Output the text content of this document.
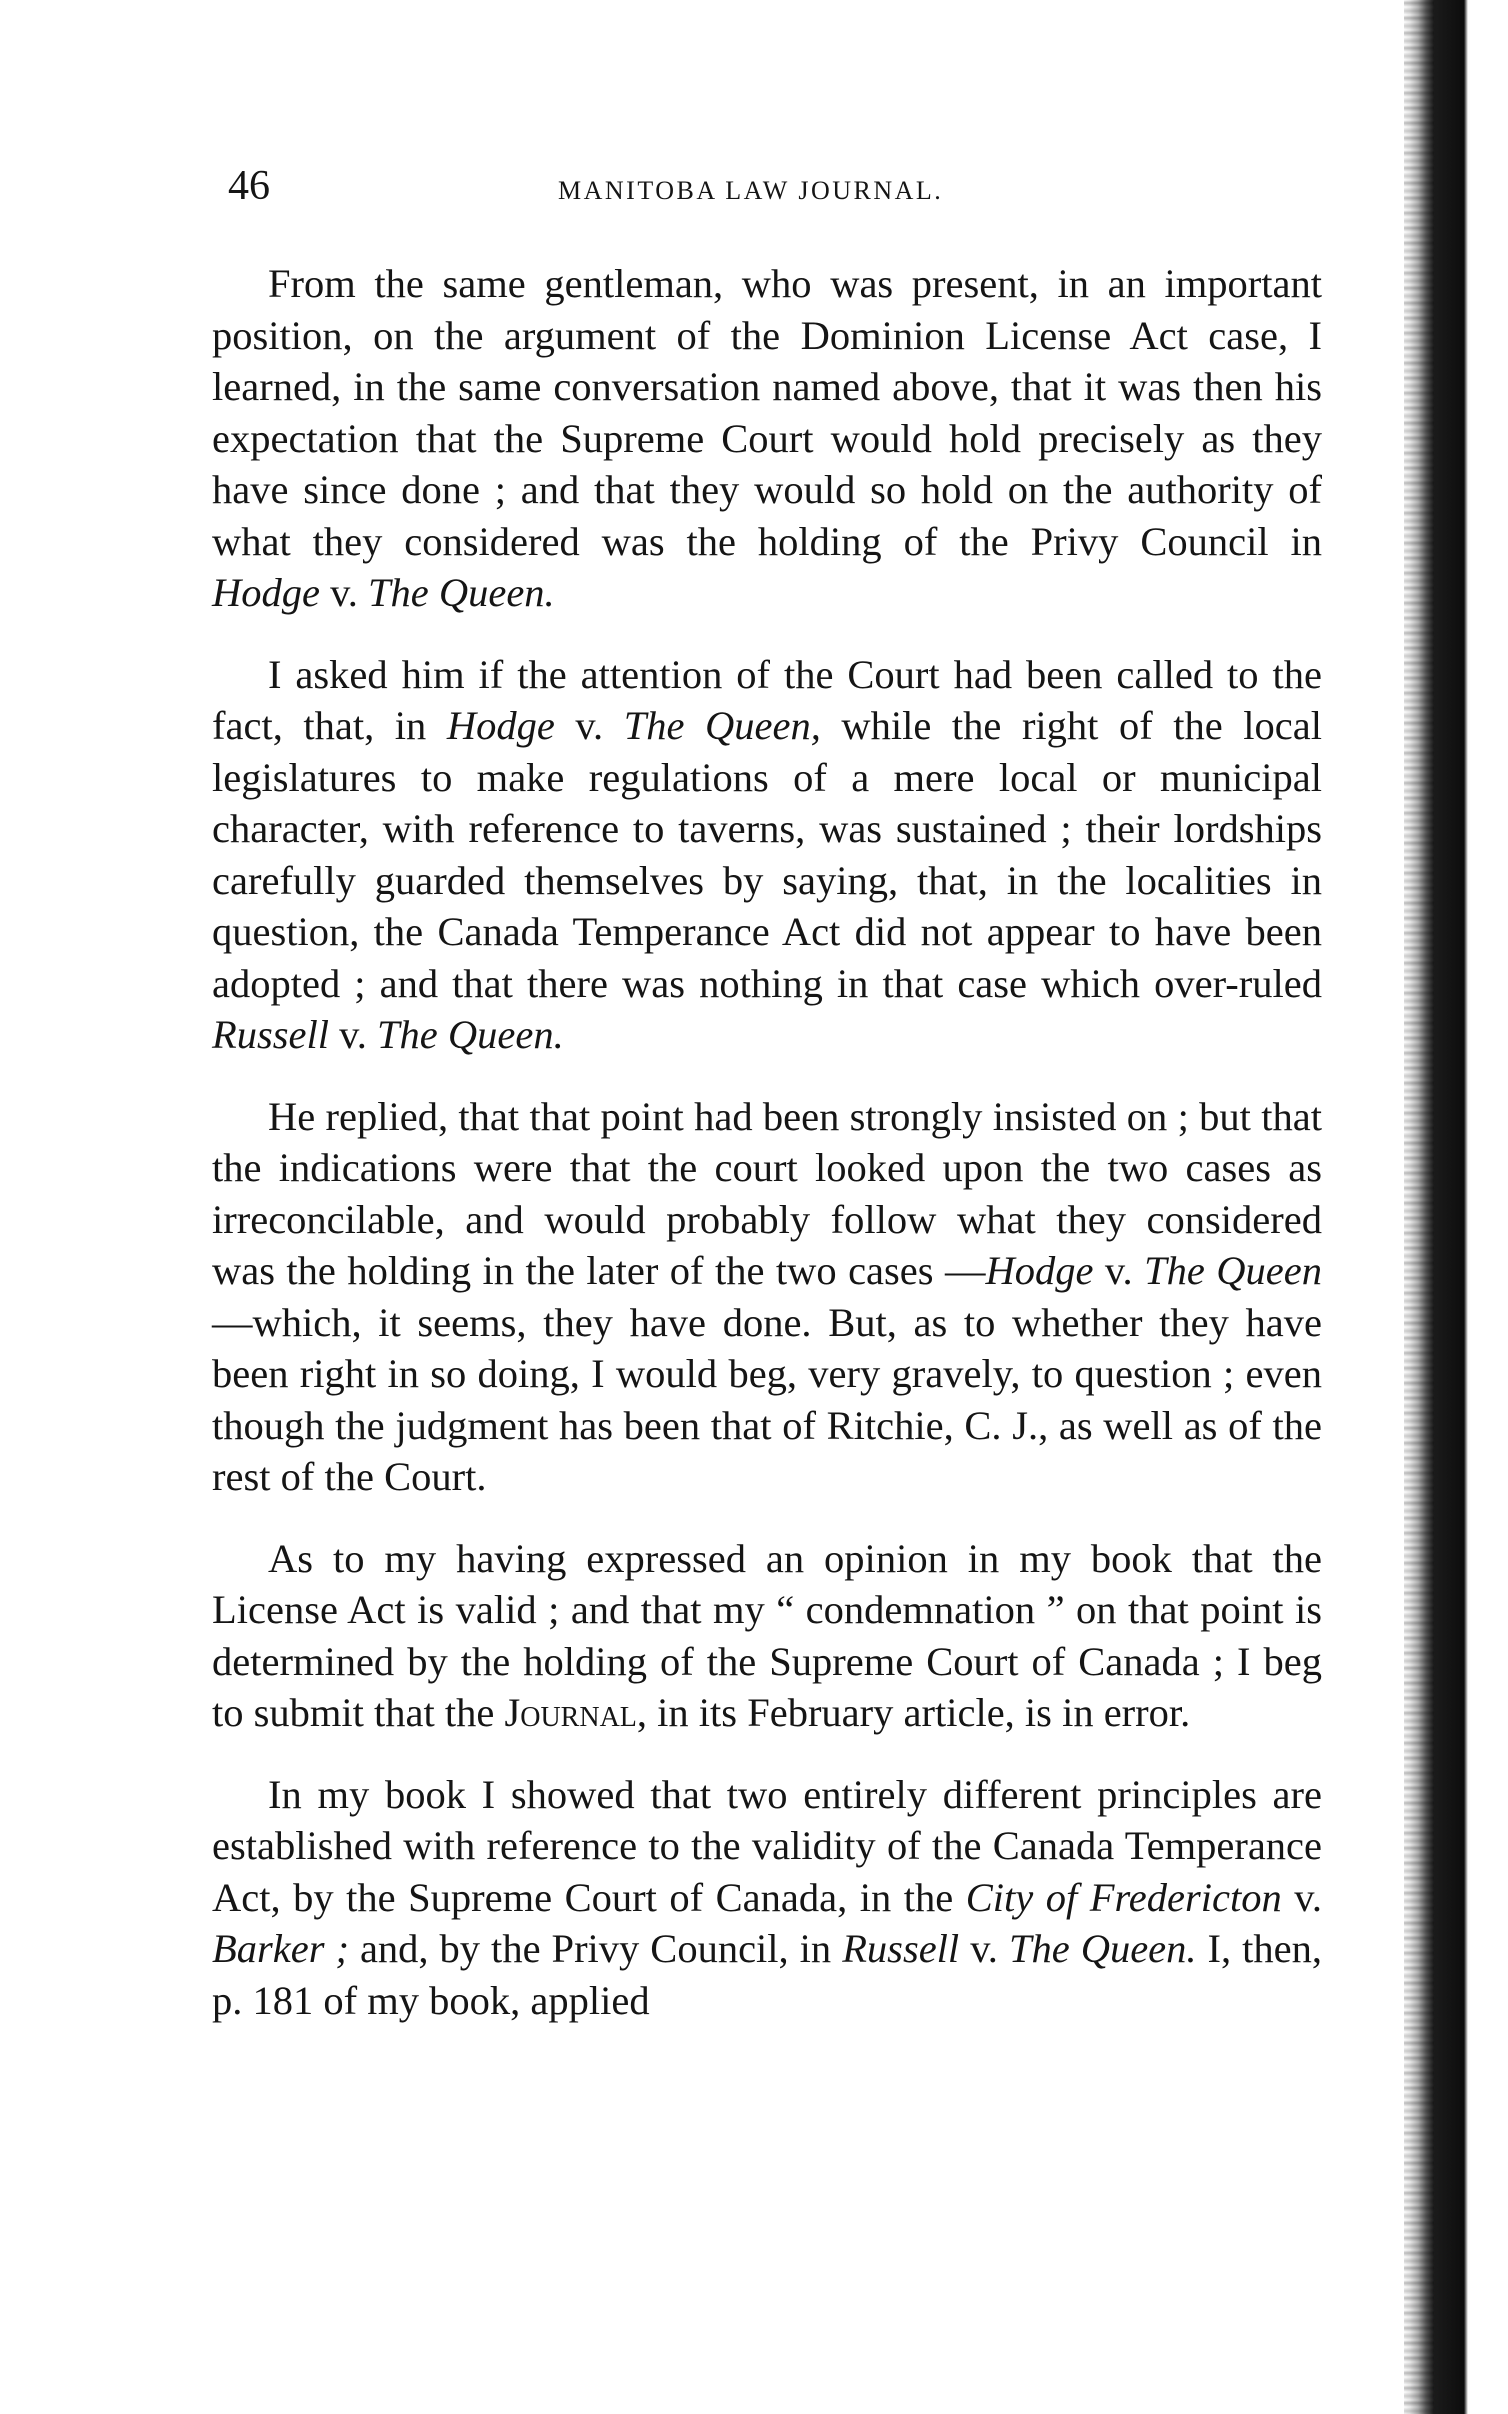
46	MANITOBA LAW JOURNAL.

From the same gentleman, who was present, in an important position, on the argument of the Dominion License Act case, I learned, in the same conversation named above, that it was then his expectation that the Supreme Court would hold precisely as they have since done ; and that they would so hold on the authority of what they considered was the holding of the Privy Council in Hodge v. The Queen.

I asked him if the attention of the Court had been called to the fact, that, in Hodge v. The Queen, while the right of the local legislatures to make regulations of a mere local or municipal character, with reference to taverns, was sustained ; their lordships carefully guarded themselves by saying, that, in the localities in question, the Canada Temperance Act did not appear to have been adopted ; and that there was nothing in that case which over-ruled Russell v. The Queen.

He replied, that that point had been strongly insisted on ; but that the indications were that the court looked upon the two cases as irreconcilable, and would probably follow what they considered was the holding in the later of the two cases —Hodge v. The Queen—which, it seems, they have done. But, as to whether they have been right in so doing, I would beg, very gravely, to question ; even though the judgment has been that of Ritchie, C. J., as well as of the rest of the Court.

As to my having expressed an opinion in my book that the License Act is valid ; and that my “ condemnation ” on that point is determined by the holding of the Supreme Court of Canada ; I beg to submit that the Journal, in its February article, is in error.

In my book I showed that two entirely different principles are established with reference to the validity of the Canada Temperance Act, by the Supreme Court of Canada, in the City of Fredericton v. Barker ; and, by the Privy Council, in Russell v. The Queen. I, then, p. 181 of my book, applied
